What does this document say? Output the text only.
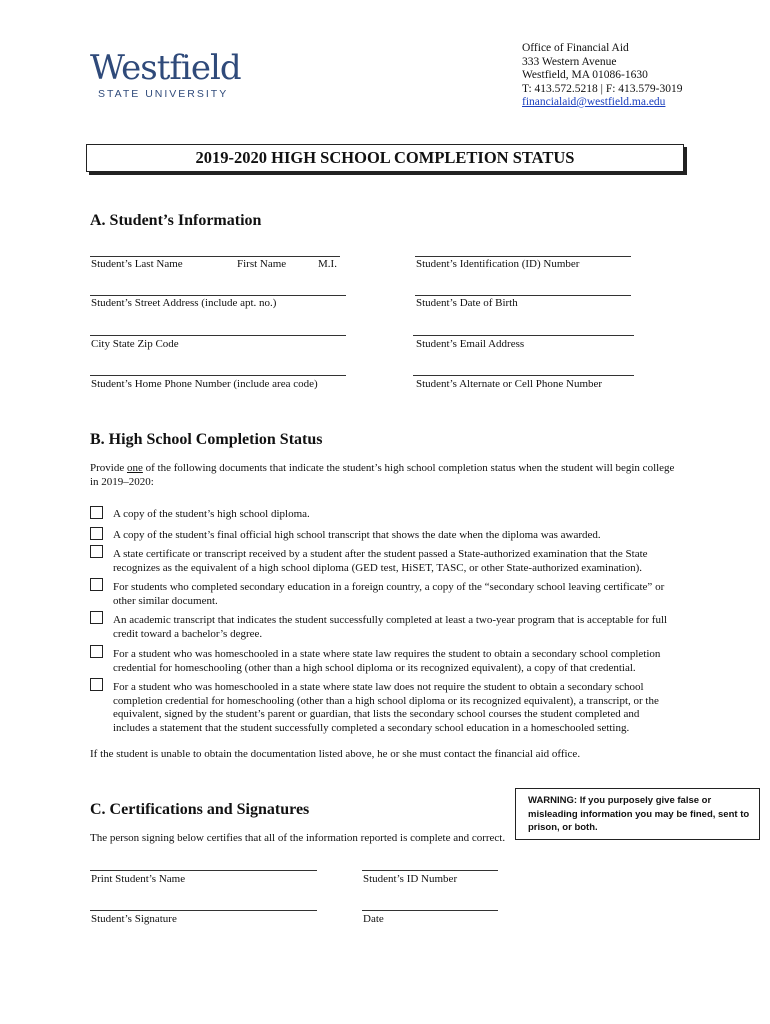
Westfield
STATE UNIVERSITY
Office of Financial Aid
333 Western Avenue
Westfield, MA 01086-1630
T: 413.572.5218 | F: 413.579-3019
financialaid@westfield.ma.edu
2019-2020 HIGH SCHOOL COMPLETION STATUS
A. Student’s Information
Student’s Last Name	First Name	M.I.	Student’s Identification (ID) Number
Student’s Street Address (include apt. no.)	Student’s Date of Birth
City State Zip Code	Student’s Email Address
Student’s Home Phone Number (include area code)	Student’s Alternate or Cell Phone Number
B. High School Completion Status
Provide one of the following documents that indicate the student’s high school completion status when the student will begin college in 2019–2020:
A copy of the student’s high school diploma.
A copy of the student’s final official high school transcript that shows the date when the diploma was awarded.
A state certificate or transcript received by a student after the student passed a State-authorized examination that the State recognizes as the equivalent of a high school diploma (GED test, HiSET, TASC, or other State-authorized examination).
For students who completed secondary education in a foreign country, a copy of the “secondary school leaving certificate” or other similar document.
An academic transcript that indicates the student successfully completed at least a two-year program that is acceptable for full credit toward a bachelor’s degree.
For a student who was homeschooled in a state where state law requires the student to obtain a secondary school completion credential for homeschooling (other than a high school diploma or its recognized equivalent), a copy of that credential.
For a student who was homeschooled in a state where state law does not require the student to obtain a secondary school completion credential for homeschooling (other than a high school diploma or its recognized equivalent), a transcript, or the equivalent, signed by the student’s parent or guardian, that lists the secondary school courses the student completed and includes a statement that the student successfully completed a secondary school education in a homeschooled setting.
If the student is unable to obtain the documentation listed above, he or she must contact the financial aid office.
C. Certifications and Signatures
WARNING: If you purposely give false or misleading information you may be fined, sent to prison, or both.
The person signing below certifies that all of the information reported is complete and correct.
Print Student’s Name	Student’s ID Number
Student’s Signature	Date
